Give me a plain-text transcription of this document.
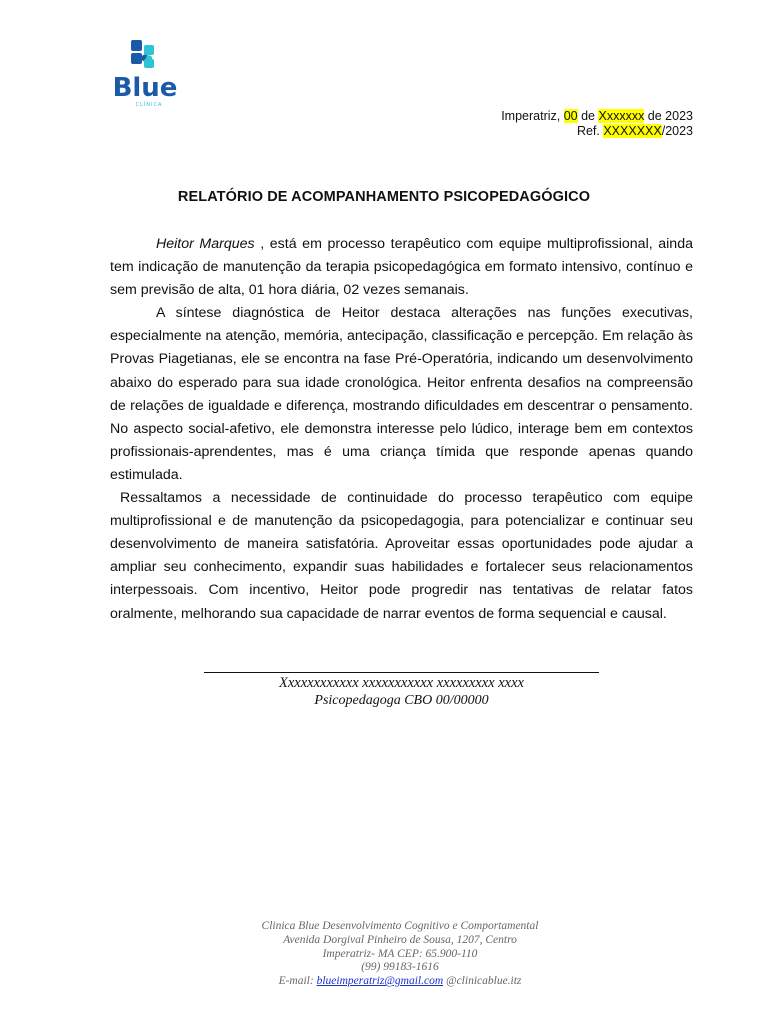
Blue
CLÍNICA
Imperatriz, 00 de Xxxxxxx de 2023
Ref. XXXXXXX/2023
RELATÓRIO DE ACOMPANHAMENTO PSICOPEDAGÓGICO

Heitor Marques , está em processo terapêutico com equipe multiprofissional, ainda tem indicação de manutenção da terapia psicopedagógica em formato intensivo, contínuo e sem previsão de alta, 01 hora diária, 02 vezes semanais.

A síntese diagnóstica de Heitor destaca alterações nas funções executivas, especialmente na atenção, memória, antecipação, classificação e percepção. Em relação às Provas Piagetianas, ele se encontra na fase Pré-Operatória, indicando um desenvolvimento abaixo do esperado para sua idade cronológica. Heitor enfrenta desafios na compreensão de relações de igualdade e diferença, mostrando dificuldades em descentrar o pensamento. No aspecto social-afetivo, ele demonstra interesse pelo lúdico, interage bem em contextos profissionais-aprendentes, mas é uma criança tímida que responde apenas quando estimulada.

Ressaltamos a necessidade de continuidade do processo terapêutico com equipe multiprofissional e de manutenção da psicopedagogia, para potencializar e continuar seu desenvolvimento de maneira satisfatória. Aproveitar essas oportunidades pode ajudar a ampliar seu conhecimento, expandir suas habilidades e fortalecer seus relacionamentos interpessoais. Com incentivo, Heitor pode progredir nas tentativas de relatar fatos oralmente, melhorando sua capacidade de narrar eventos de forma sequencial e causal.

Xxxxxxxxxxxx xxxxxxxxxxx xxxxxxxxx xxxx
Psicopedagoga CBO 00/00000
Clinica Blue Desenvolvimento Cognitivo e Comportamental
Avenida Dorgival Pinheiro de Sousa, 1207, Centro
Imperatriz- MA CEP: 65.900-110
(99) 99183-1616
E-mail: blueimperatriz@gmail.com @clinicablue.itz
